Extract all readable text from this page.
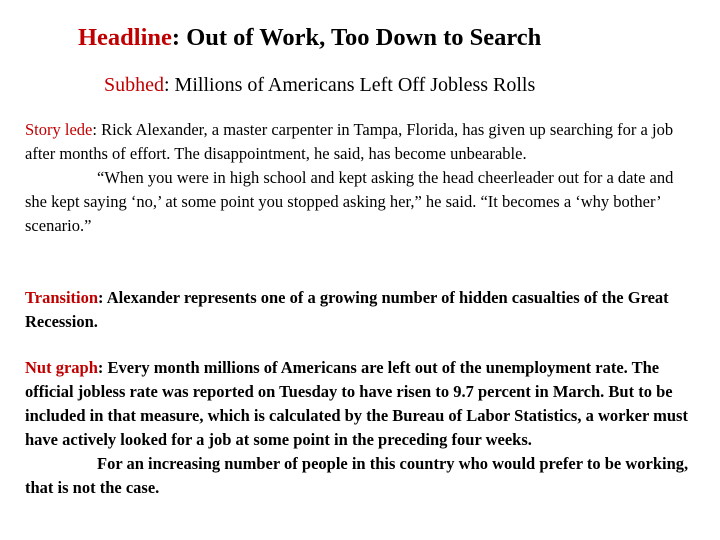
Headline: Out of Work, Too Down to Search
Subhed: Millions of Americans Left Off Jobless Rolls
Story lede: Rick Alexander, a master carpenter in Tampa, Florida, has given up searching for a job after months of effort. The disappointment, he said, has become unbearable.
“When you were in high school and kept asking the head cheerleader out for a date and she kept saying ‘no,’ at some point you stopped asking her,” he said. “It becomes a ‘why bother’ scenario.”
Transition: Alexander represents one of a growing number of hidden casualties of the Great Recession.
Nut graph: Every month millions of Americans are left out of the unemployment rate. The official jobless rate was reported on Tuesday to have risen to 9.7 percent in March. But to be included in that measure, which is calculated by the Bureau of Labor Statistics, a worker must have actively looked for a job at some point in the preceding four weeks.
For an increasing number of people in this country who would prefer to be working, that is not the case.
